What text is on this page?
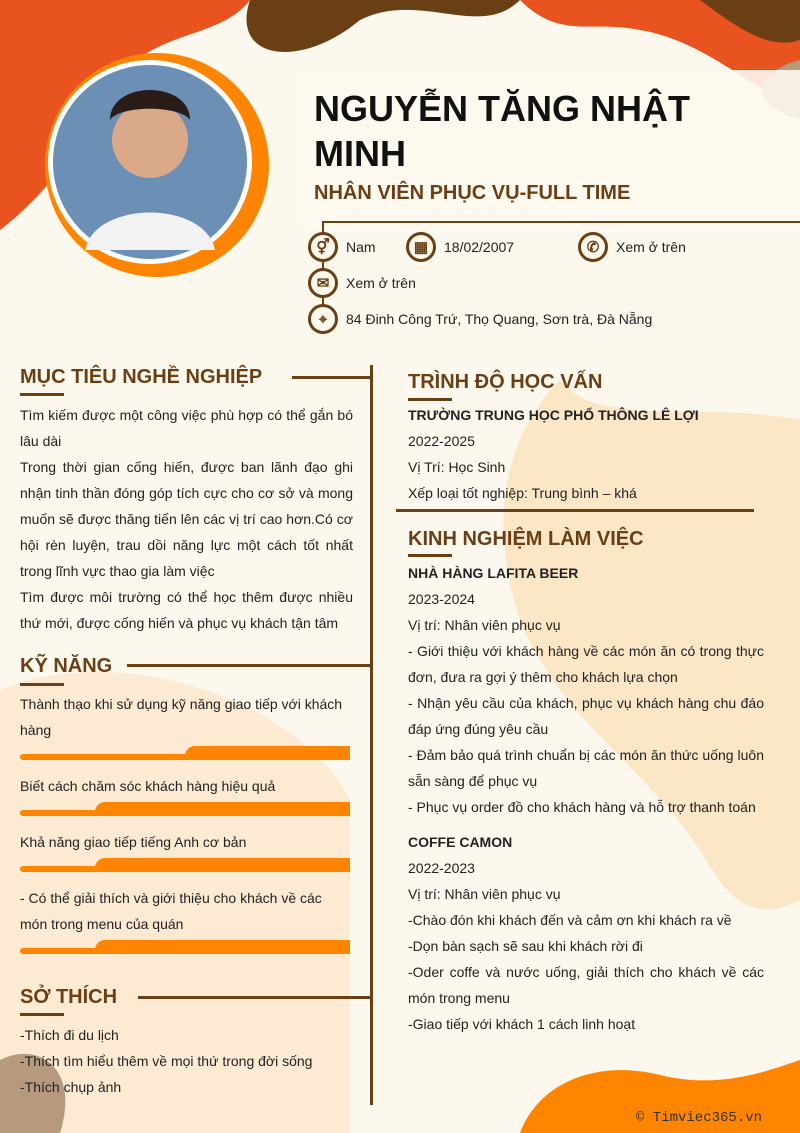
NGUYỄN TĂNG NHẬT MINH
NHÂN VIÊN PHỤC VỤ-FULL TIME
⚥	Nam	▦	18/02/2007	✆	Xem ở trên
✉	Xem ở trên
⌖	84 Đinh Công Trứ, Thọ Quang, Sơn trà, Đà Nẵng
MỤC TIÊU NGHỀ NGHIỆP
Tìm kiếm được một công việc phù hợp có thể gắn bó lâu dài
Trong thời gian cống hiến, được ban lãnh đạo ghi nhận tinh thần đóng góp tích cực cho cơ sở và mong muốn sẽ được thăng tiến lên các vị trí cao hơn.Có cơ hội rèn luyện, trau dồi năng lực một cách tốt nhất trong lĩnh vực thao gia làm việc
Tìm được môi trường có thể học thêm được nhiều thứ mới, được cống hiến và phục vụ khách tận tâm
KỸ NĂNG
Thành thạo khi sử dụng kỹ năng giao tiếp với khách hàng
Biết cách chăm sóc khách hàng hiệu quả
Khả năng giao tiếp tiếng Anh cơ bản
- Có thể giải thích và giới thiệu cho khách về các món trong menu của quán
SỞ THÍCH
-Thích đi du lịch
-Thích tìm hiểu thêm về mọi thứ trong đời sống
-Thích chụp ảnh
TRÌNH ĐỘ HỌC VẤN
TRƯỜNG TRUNG HỌC PHỔ THÔNG LÊ LỢI
2022-2025
Vị Trí: Học Sinh
Xếp loại tốt nghiệp: Trung bình – khá
KINH NGHIỆM LÀM VIỆC
NHÀ HÀNG LAFITA BEER
2023-2024
Vị trí: Nhân viên phục vụ
- Giới thiệu với khách hàng về các món ăn có trong thực đơn, đưa ra gợi ý thêm cho khách lựa chọn
- Nhận yêu cầu của khách, phục vụ khách hàng chu đáo đáp ứng đúng yêu cầu
- Đảm bảo quá trình chuẩn bị các món ăn thức uống luôn sẵn sàng để phục vụ
- Phục vụ order đồ cho khách hàng và hỗ trợ thanh toán
COFFE CAMON
2022-2023
Vị trí: Nhân viên phục vụ
-Chào đón khi khách đến và cảm ơn khi khách ra về
-Dọn bàn sạch sẽ sau khi khách rời đi
-Oder coffe và nước uống, giải thích cho khách về các món trong menu
-Giao tiếp với khách 1 cách linh hoạt
© Timviec365.vn
